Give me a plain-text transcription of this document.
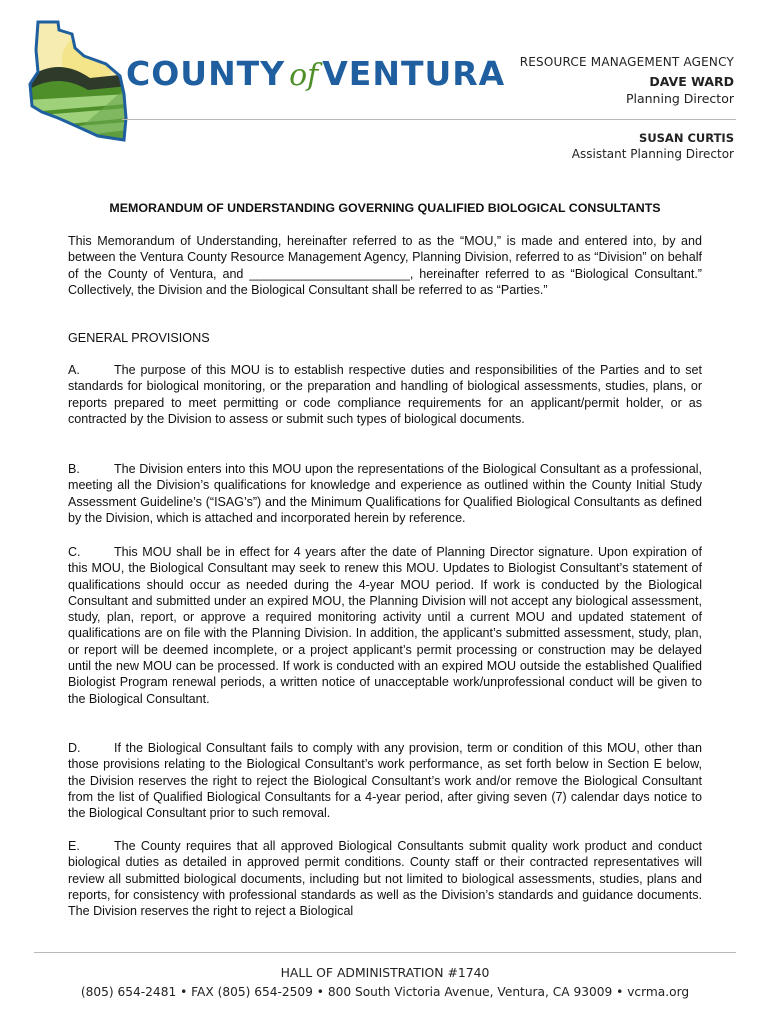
COUNTY of VENTURA RESOURCE MANAGEMENT AGENCY
DAVE WARD
Planning Director
SUSAN CURTIS
Assistant Planning Director
MEMORANDUM OF UNDERSTANDING GOVERNING QUALIFIED BIOLOGICAL CONSULTANTS

This Memorandum of Understanding, hereinafter referred to as the “MOU,” is made and entered into, by and between the Ventura County Resource Management Agency, Planning Division, referred to as “Division” on behalf of the County of Ventura, and _______________________, hereinafter referred to as “Biological Consultant.” Collectively, the Division and the Biological Consultant shall be referred to as “Parties.”

GENERAL PROVISIONS

A.	The purpose of this MOU is to establish respective duties and responsibilities of the Parties and to set standards for biological monitoring, or the preparation and handling of biological assessments, studies, plans, or reports prepared to meet permitting or code compliance requirements for an applicant/permit holder, or as contracted by the Division to assess or submit such types of biological documents.

B.	The Division enters into this MOU upon the representations of the Biological Consultant as a professional, meeting all the Division’s qualifications for knowledge and experience as outlined within the County Initial Study Assessment Guideline’s (“ISAG’s”) and the Minimum Qualifications for Qualified Biological Consultants as defined by the Division, which is attached and incorporated herein by reference.

C.	This MOU shall be in effect for 4 years after the date of Planning Director signature. Upon expiration of this MOU, the Biological Consultant may seek to renew this MOU. Updates to Biologist Consultant’s statement of qualifications should occur as needed during the 4-year MOU period. If work is conducted by the Biological Consultant and submitted under an expired MOU, the Planning Division will not accept any biological assessment, study, plan, report, or approve a required monitoring activity until a current MOU and updated statement of qualifications are on file with the Planning Division. In addition, the applicant’s submitted assessment, study, plan, or report will be deemed incomplete, or a project applicant’s permit processing or construction may be delayed until the new MOU can be processed. If work is conducted with an expired MOU outside the established Qualified Biologist Program renewal periods, a written notice of unacceptable work/unprofessional conduct will be given to the Biological Consultant.

D.	If the Biological Consultant fails to comply with any provision, term or condition of this MOU, other than those provisions relating to the Biological Consultant’s work performance, as set forth below in Section E below, the Division reserves the right to reject the Biological Consultant’s work and/or remove the Biological Consultant from the list of Qualified Biological Consultants for a 4-year period, after giving seven (7) calendar days notice to the Biological Consultant prior to such removal.

E.	The County requires that all approved Biological Consultants submit quality work product and conduct biological duties as detailed in approved permit conditions. County staff or their contracted representatives will review all submitted biological documents, including but not limited to biological assessments, studies, plans and reports, for consistency with professional standards as well as the Division’s standards and guidance documents. The Division reserves the right to reject a Biological

HALL OF ADMINISTRATION #1740
(805) 654-2481 • FAX (805) 654-2509 • 800 South Victoria Avenue, Ventura, CA 93009 • vcrma.org
